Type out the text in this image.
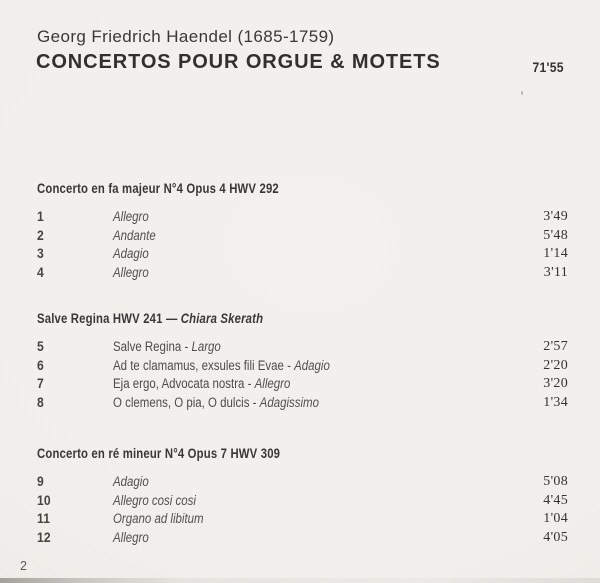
Georg Friedrich Haendel (1685-1759)
CONCERTOS POUR ORGUE & MOTETS	71'55
Concerto en fa majeur N°4 Opus 4 HWV 292
1	Allegro	3'49
2	Andante	5'48
3	Adagio	1'14
4	Allegro	3'11
Salve Regina HWV 241 — Chiara Skerath
5	Salve Regina - Largo	2'57
6	Ad te clamamus, exsules fili Evae - Adagio	2'20
7	Eja ergo, Advocata nostra - Allegro	3'20
8	O clemens, O pia, O dulcis - Adagissimo	1'34
Concerto en ré mineur N°4 Opus 7 HWV 309
9	Adagio	5'08
10	Allegro cosi cosi	4'45
11	Organo ad libitum	1'04
12	Allegro	4'05
2
